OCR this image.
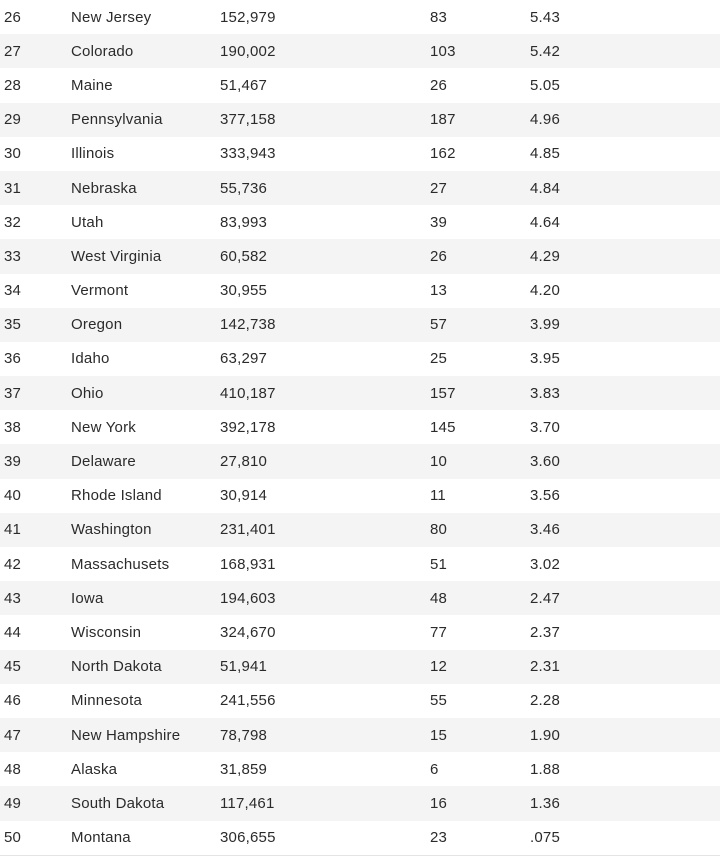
26	New Jersey	152,979	83	5.43
27	Colorado	190,002	103	5.42
28	Maine	51,467	26	5.05
29	Pennsylvania	377,158	187	4.96
30	Illinois	333,943	162	4.85
31	Nebraska	55,736	27	4.84
32	Utah	83,993	39	4.64
33	West Virginia	60,582	26	4.29
34	Vermont	30,955	13	4.20
35	Oregon	142,738	57	3.99
36	Idaho	63,297	25	3.95
37	Ohio	410,187	157	3.83
38	New York	392,178	145	3.70
39	Delaware	27,810	10	3.60
40	Rhode Island	30,914	11	3.56
41	Washington	231,401	80	3.46
42	Massachusets	168,931	51	3.02
43	Iowa	194,603	48	2.47
44	Wisconsin	324,670	77	2.37
45	North Dakota	51,941	12	2.31
46	Minnesota	241,556	55	2.28
47	New Hampshire	78,798	15	1.90
48	Alaska	31,859	6	1.88
49	South Dakota	117,461	16	1.36
50	Montana	306,655	23	.075
